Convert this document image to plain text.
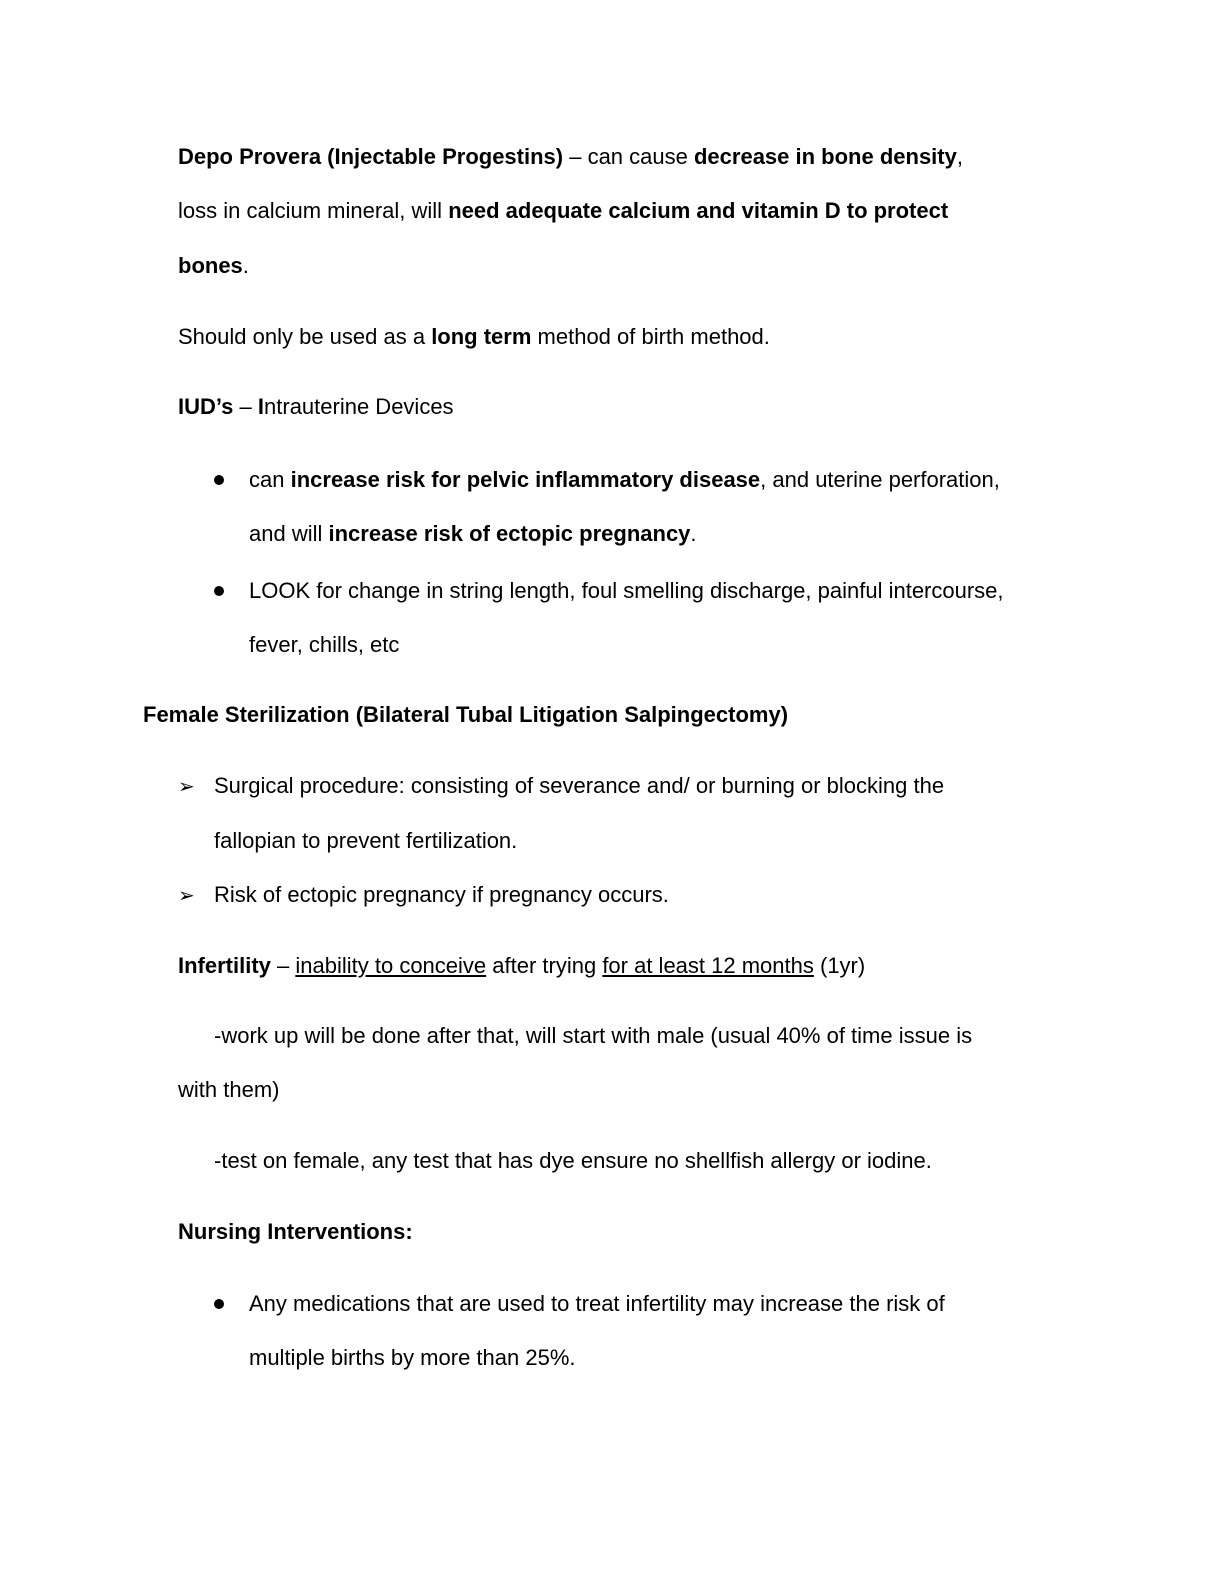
Depo Provera (Injectable Progestins) – can cause decrease in bone density,
loss in calcium mineral, will need adequate calcium and vitamin D to protect
bones.
Should only be used as a long term method of birth method.
IUD’s – Intrauterine Devices
can increase risk for pelvic inflammatory disease, and uterine perforation,
and will increase risk of ectopic pregnancy.
LOOK for change in string length, foul smelling discharge, painful intercourse,
fever, chills, etc
Female Sterilization (Bilateral Tubal Litigation Salpingectomy)
➢ Surgical procedure: consisting of severance and/ or burning or blocking the
fallopian to prevent fertilization.
➢ Risk of ectopic pregnancy if pregnancy occurs.
Infertility – inability to conceive after trying for at least 12 months (1yr)
-work up will be done after that, will start with male (usual 40% of time issue is
with them)
-test on female, any test that has dye ensure no shellfish allergy or iodine.
Nursing Interventions:
Any medications that are used to treat infertility may increase the risk of
multiple births by more than 25%.
